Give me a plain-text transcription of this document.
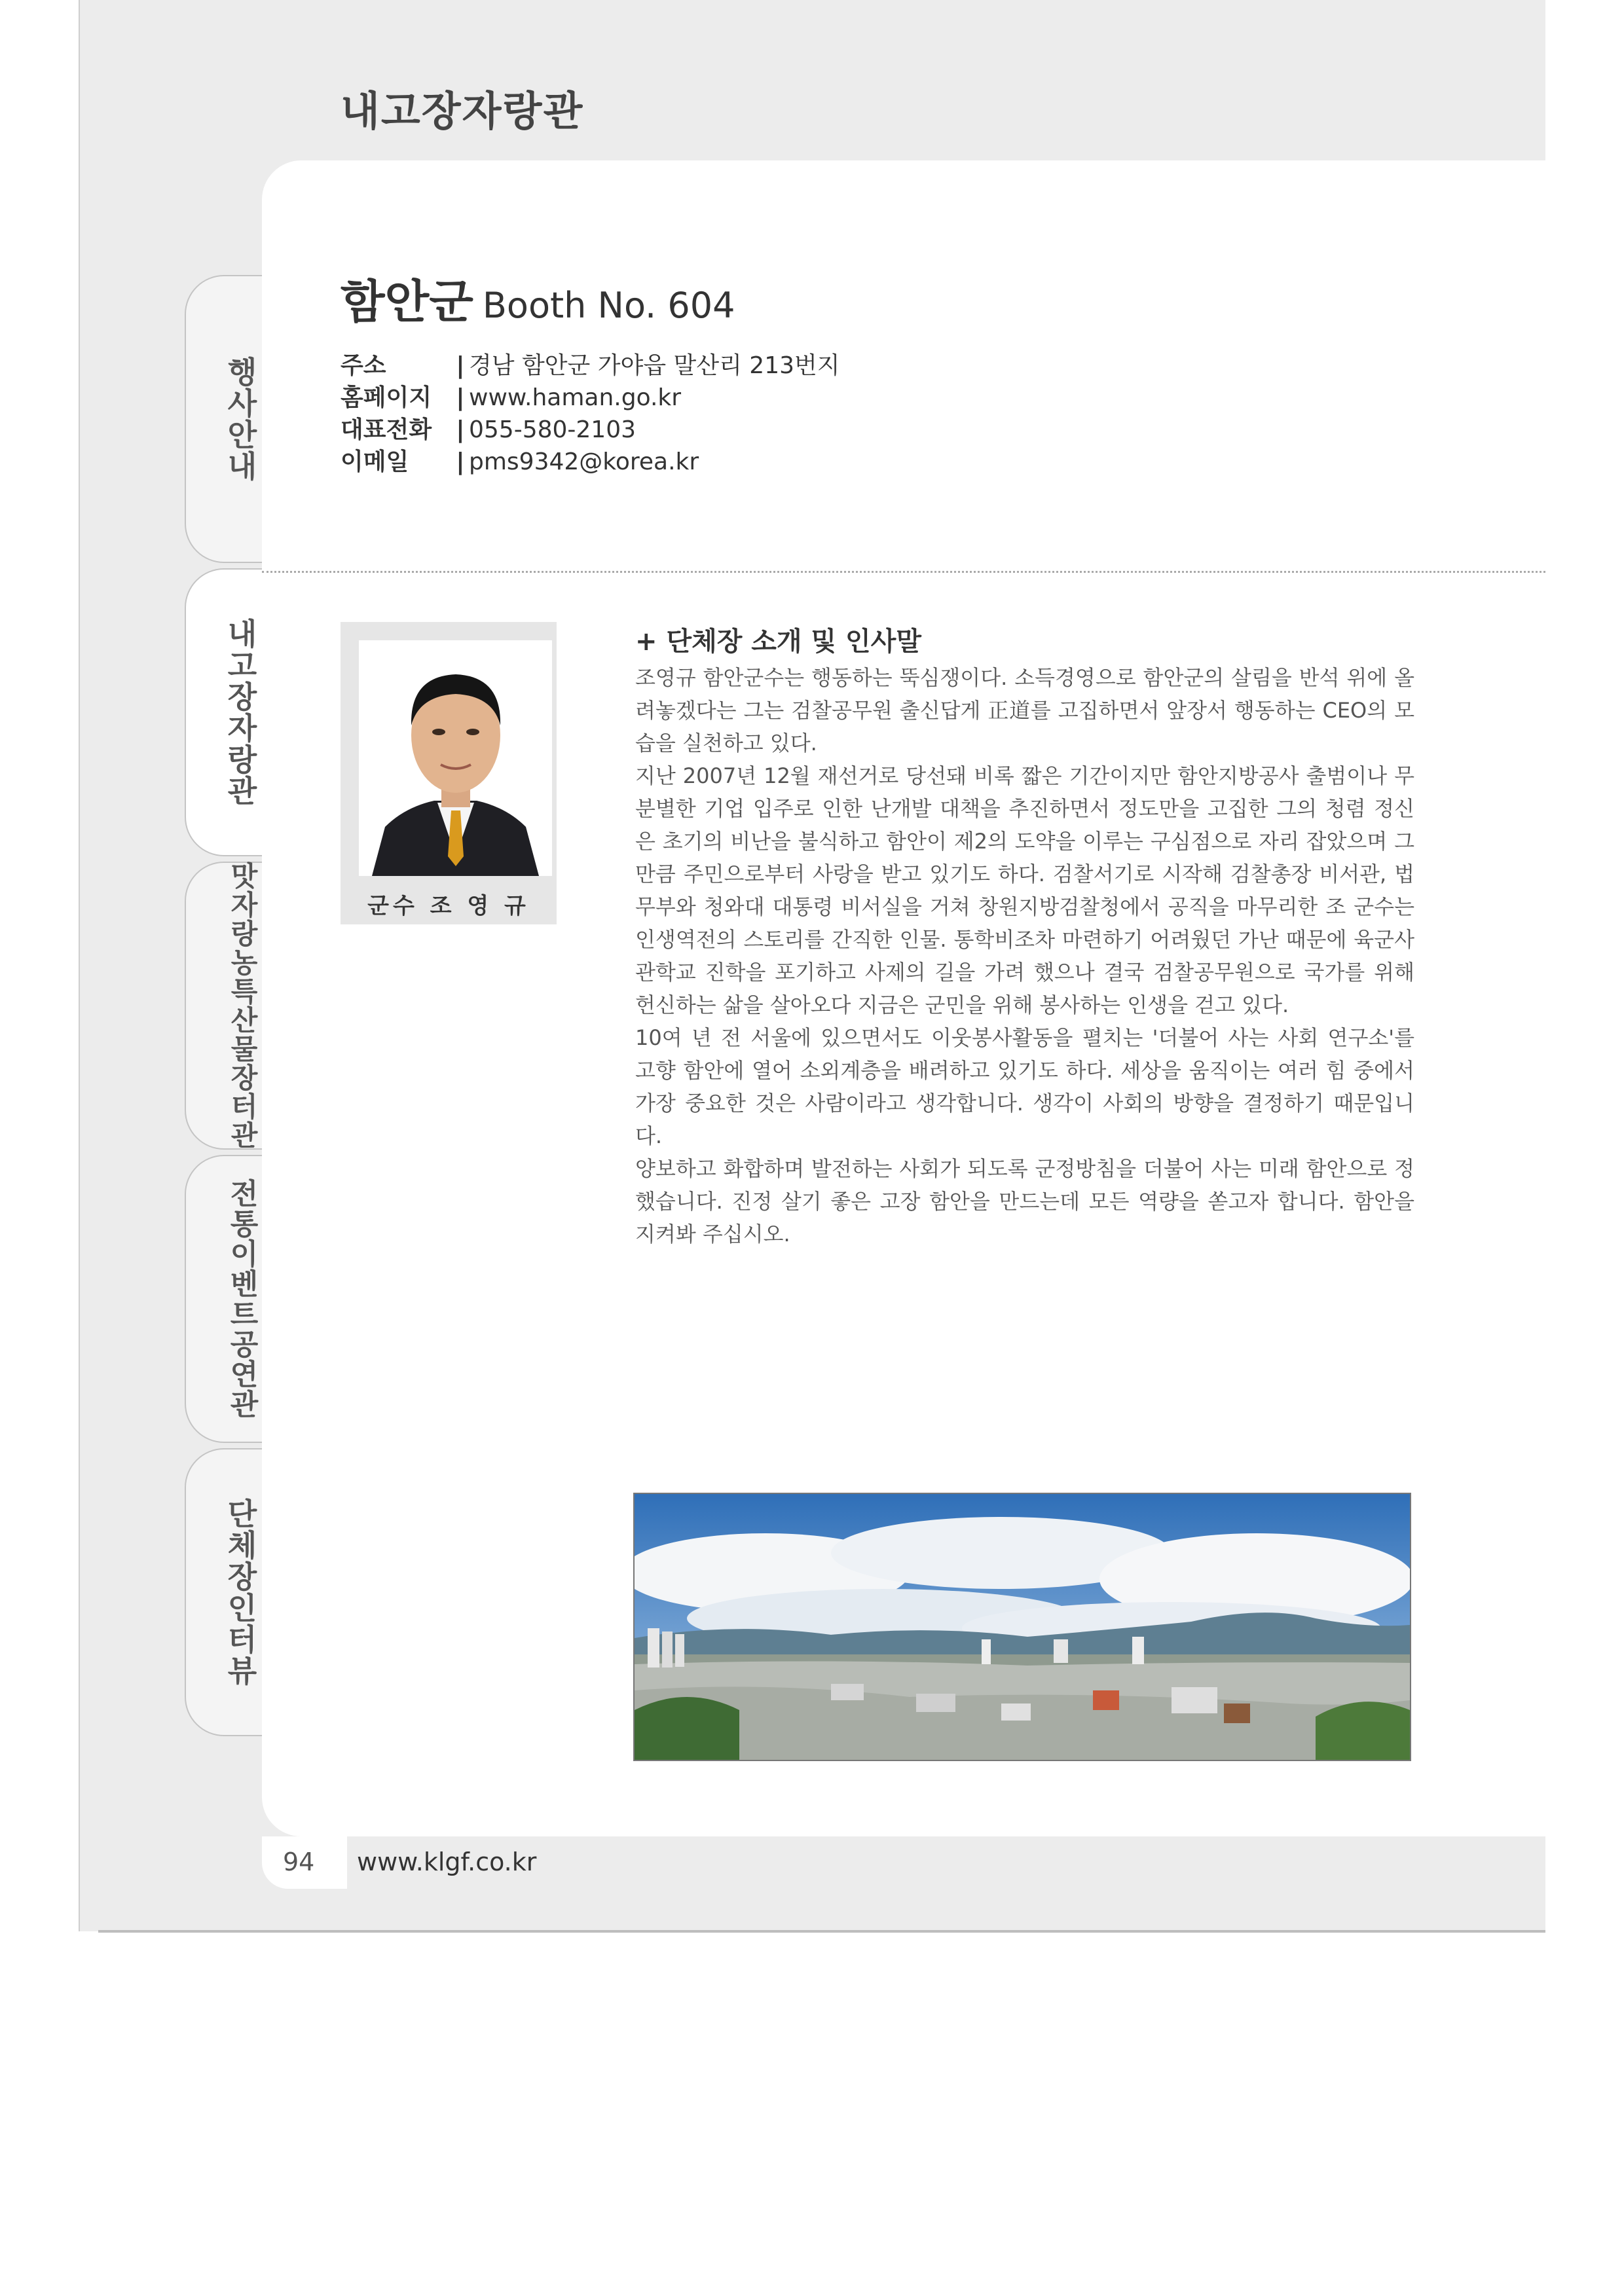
내고장자랑관
행사안내
내고장자랑관
맛자랑농특산물장터관
전통이벤트공연관
단체장인터뷰
함안군 Booth No. 604
주소	| 경남 함안군 가야읍 말산리 213번지
홈페이지 | www.haman.go.kr
대표전화 | 055-580-2103
이메일 | pms9342@korea.kr
군수 조 영 규
+ 단체장 소개 및 인사말

조영규 함안군수는 행동하는 뚝심쟁이다. 소득경영으로 함안군의 살림을 반석 위에 올려놓겠다는 그는 검찰공무원 출신답게 正道를 고집하면서 앞장서 행동하는 CEO의 모습을 실천하고 있다.

지난 2007년 12월 재선거로 당선돼 비록 짧은 기간이지만 함안지방공사 출범이나 무분별한 기업 입주로 인한 난개발 대책을 추진하면서 정도만을 고집한 그의 청렴 정신은 초기의 비난을 불식하고 함안이 제2의 도약을 이루는 구심점으로 자리 잡았으며 그만큼 주민으로부터 사랑을 받고 있기도 하다. 검찰서기로 시작해 검찰총장 비서관, 법무부와 청와대 대통령 비서실을 거쳐 창원지방검찰청에서 공직을 마무리한 조 군수는 인생역전의 스토리를 간직한 인물. 통학비조차 마련하기 어려웠던 가난 때문에 육군사관학교 진학을 포기하고 사제의 길을 가려 했으나 결국 검찰공무원으로 국가를 위해 헌신하는 삶을 살아오다 지금은 군민을 위해 봉사하는 인생을 걷고 있다.

10여 년 전 서울에 있으면서도 이웃봉사활동을 펼치는 '더불어 사는 사회 연구소'를 고향 함안에 열어 소외계층을 배려하고 있기도 하다. 세상을 움직이는 여러 힘 중에서 가장 중요한 것은 사람이라고 생각합니다. 생각이 사회의 방향을 결정하기 때문입니다.

양보하고 화합하며 발전하는 사회가 되도록 군정방침을 더불어 사는 미래 함안으로 정했습니다. 진정 살기 좋은 고장 함안을 만드는데 모든 역량을 쏟고자 합니다. 함안을 지켜봐 주십시오.

94 www.klgf.co.kr
